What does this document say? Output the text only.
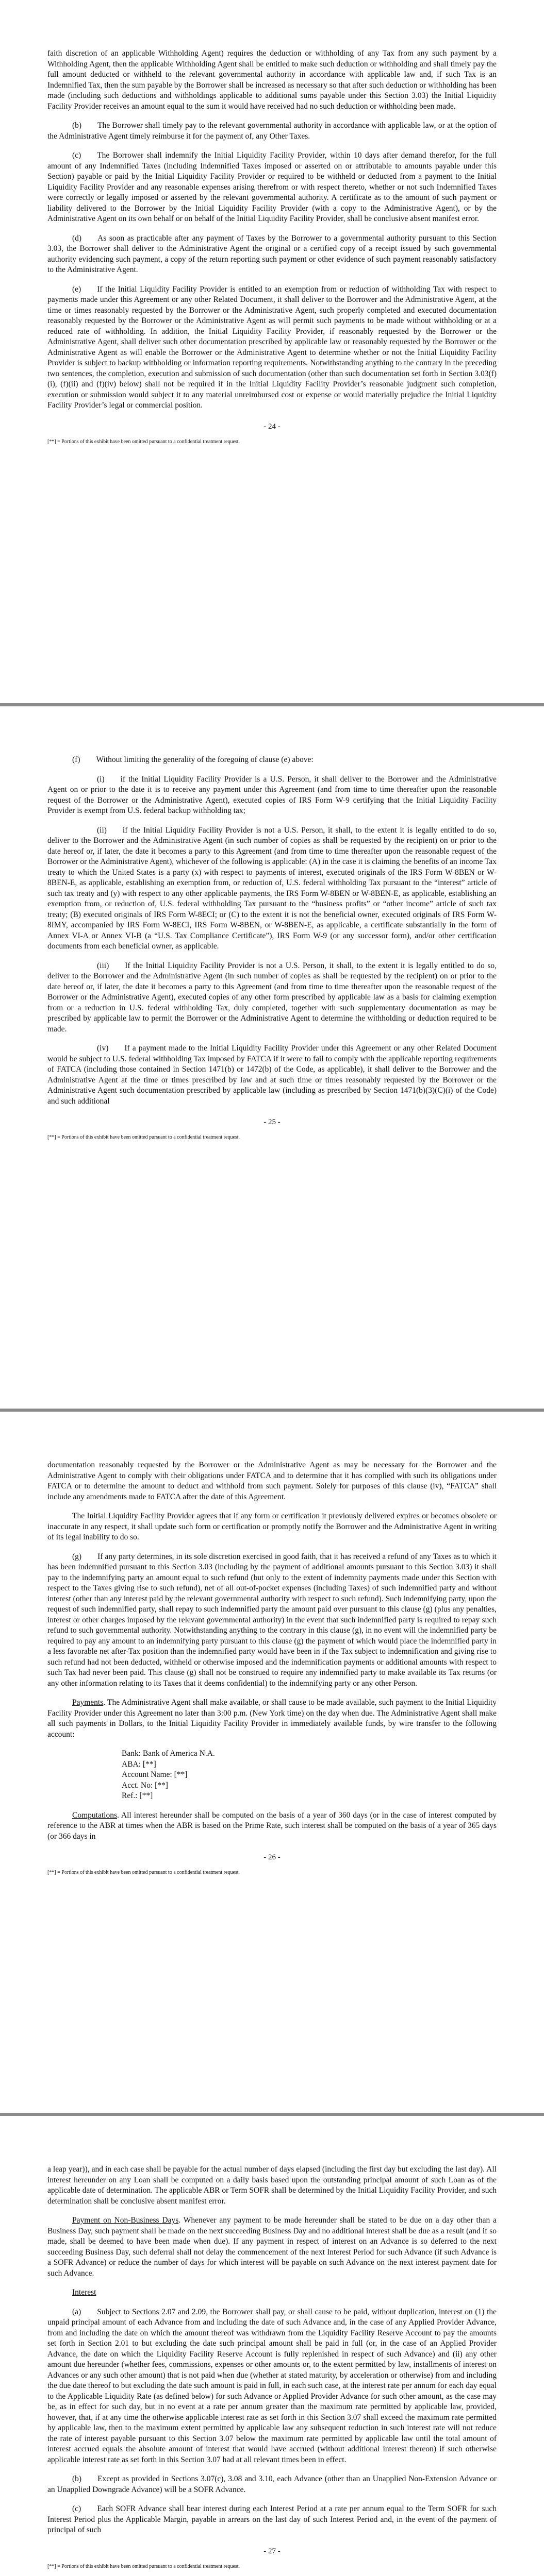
faith discretion of an applicable Withholding Agent) requires the deduction or withholding of any Tax from any such payment by a Withholding Agent, then the applicable Withholding Agent shall be entitled to make such deduction or withholding and shall timely pay the full amount deducted or withheld to the relevant governmental authority in accordance with applicable law and, if such Tax is an Indemnified Tax, then the sum payable by the Borrower shall be increased as necessary so that after such deduction or withholding has been made (including such deductions and withholdings applicable to additional sums payable under this Section 3.03) the Initial Liquidity Facility Provider receives an amount equal to the sum it would have received had no such deduction or withholding been made.

(b)  The Borrower shall timely pay to the relevant governmental authority in accordance with applicable law, or at the option of the Administrative Agent timely reimburse it for the payment of, any Other Taxes.

(c)  The Borrower shall indemnify the Initial Liquidity Facility Provider, within 10 days after demand therefor, for the full amount of any Indemnified Taxes (including Indemnified Taxes imposed or asserted on or attributable to amounts payable under this Section) payable or paid by the Initial Liquidity Facility Provider or required to be withheld or deducted from a payment to the Initial Liquidity Facility Provider and any reasonable expenses arising therefrom or with respect thereto, whether or not such Indemnified Taxes were correctly or legally imposed or asserted by the relevant governmental authority. A certificate as to the amount of such payment or liability delivered to the Borrower by the Initial Liquidity Facility Provider (with a copy to the Administrative Agent), or by the Administrative Agent on its own behalf or on behalf of the Initial Liquidity Facility Provider, shall be conclusive absent manifest error.

(d)  As soon as practicable after any payment of Taxes by the Borrower to a governmental authority pursuant to this Section 3.03, the Borrower shall deliver to the Administrative Agent the original or a certified copy of a receipt issued by such governmental authority evidencing such payment, a copy of the return reporting such payment or other evidence of such payment reasonably satisfactory to the Administrative Agent.

(e)  If the Initial Liquidity Facility Provider is entitled to an exemption from or reduction of withholding Tax with respect to payments made under this Agreement or any other Related Document, it shall deliver to the Borrower and the Administrative Agent, at the time or times reasonably requested by the Borrower or the Administrative Agent, such properly completed and executed documentation reasonably requested by the Borrower or the Administrative Agent as will permit such payments to be made without withholding or at a reduced rate of withholding. In addition, the Initial Liquidity Facility Provider, if reasonably requested by the Borrower or the Administrative Agent, shall deliver such other documentation prescribed by applicable law or reasonably requested by the Borrower or the Administrative Agent as will enable the Borrower or the Administrative Agent to determine whether or not the Initial Liquidity Facility Provider is subject to backup withholding or information reporting requirements. Notwithstanding anything to the contrary in the preceding two sentences, the completion, execution and submission of such documentation (other than such documentation set forth in Section 3.03(f)(i), (f)(ii) and (f)(iv) below) shall not be required if in the Initial Liquidity Facility Provider’s reasonable judgment such completion, execution or submission would subject it to any material unreimbursed cost or expense or would materially prejudice the Initial Liquidity Facility Provider’s legal or commercial position.

- 24 -

[**] = Portions of this exhibit have been omitted pursuant to a confidential treatment request.

(f)  Without limiting the generality of the foregoing of clause (e) above:

(i)  if the Initial Liquidity Facility Provider is a U.S. Person, it shall deliver to the Borrower and the Administrative Agent on or prior to the date it is to receive any payment under this Agreement (and from time to time thereafter upon the reasonable request of the Borrower or the Administrative Agent), executed copies of IRS Form W-9 certifying that the Initial Liquidity Facility Provider is exempt from U.S. federal backup withholding tax;

(ii)  if the Initial Liquidity Facility Provider is not a U.S. Person, it shall, to the extent it is legally entitled to do so, deliver to the Borrower and the Administrative Agent (in such number of copies as shall be requested by the recipient) on or prior to the date hereof or, if later, the date it becomes a party to this Agreement (and from time to time thereafter upon the reasonable request of the Borrower or the Administrative Agent), whichever of the following is applicable: (A) in the case it is claiming the benefits of an income Tax treaty to which the United States is a party (x) with respect to payments of interest, executed originals of the IRS Form W-8BEN or W-8BEN-E, as applicable, establishing an exemption from, or reduction of, U.S. federal withholding Tax pursuant to the “interest” article of such tax treaty and (y) with respect to any other applicable payments, the IRS Form W-8BEN or W-8BEN-E, as applicable, establishing an exemption from, or reduction of, U.S. federal withholding Tax pursuant to the “business profits” or “other income” article of such tax treaty; (B) executed originals of IRS Form W-8ECI; or (C) to the extent it is not the beneficial owner, executed originals of IRS Form W-8IMY, accompanied by IRS Form W-8ECI, IRS Form W-8BEN, or W-8BEN-E, as applicable, a certificate substantially in the form of Annex VI-A or Annex VI-B (a “U.S. Tax Compliance Certificate”), IRS Form W-9 (or any successor form), and/or other certification documents from each beneficial owner, as applicable.

(iii)  If the Initial Liquidity Facility Provider is not a U.S. Person, it shall, to the extent it is legally entitled to do so, deliver to the Borrower and the Administrative Agent (in such number of copies as shall be requested by the recipient) on or prior to the date hereof or, if later, the date it becomes a party to this Agreement (and from time to time thereafter upon the reasonable request of the Borrower or the Administrative Agent), executed copies of any other form prescribed by applicable law as a basis for claiming exemption from or a reduction in U.S. federal withholding Tax, duly completed, together with such supplementary documentation as may be prescribed by applicable law to permit the Borrower or the Administrative Agent to determine the withholding or deduction required to be made.

(iv)  If a payment made to the Initial Liquidity Facility Provider under this Agreement or any other Related Document would be subject to U.S. federal withholding Tax imposed by FATCA if it were to fail to comply with the applicable reporting requirements of FATCA (including those contained in Section 1471(b) or 1472(b) of the Code, as applicable), it shall deliver to the Borrower and the Administrative Agent at the time or times prescribed by law and at such time or times reasonably requested by the Borrower or the Administrative Agent such documentation prescribed by applicable law (including as prescribed by Section 1471(b)(3)(C)(i) of the Code) and such additional

- 25 -

[**] = Portions of this exhibit have been omitted pursuant to a confidential treatment request.

documentation reasonably requested by the Borrower or the Administrative Agent as may be necessary for the Borrower and the Administrative Agent to comply with their obligations under FATCA and to determine that it has complied with such its obligations under FATCA or to determine the amount to deduct and withhold from such payment. Solely for purposes of this clause (iv), “FATCA” shall include any amendments made to FATCA after the date of this Agreement.

The Initial Liquidity Facility Provider agrees that if any form or certification it previously delivered expires or becomes obsolete or inaccurate in any respect, it shall update such form or certification or promptly notify the Borrower and the Administrative Agent in writing of its legal inability to do so.

(g)  If any party determines, in its sole discretion exercised in good faith, that it has received a refund of any Taxes as to which it has been indemnified pursuant to this Section 3.03 (including by the payment of additional amounts pursuant to this Section 3.03) it shall pay to the indemnifying party an amount equal to such refund (but only to the extent of indemnity payments made under this Section with respect to the Taxes giving rise to such refund), net of all out-of-pocket expenses (including Taxes) of such indemnified party and without interest (other than any interest paid by the relevant governmental authority with respect to such refund). Such indemnifying party, upon the request of such indemnified party, shall repay to such indemnified party the amount paid over pursuant to this clause (g) (plus any penalties, interest or other charges imposed by the relevant governmental authority) in the event that such indemnified party is required to repay such refund to such governmental authority. Notwithstanding anything to the contrary in this clause (g), in no event will the indemnified party be required to pay any amount to an indemnifying party pursuant to this clause (g) the payment of which would place the indemnified party in a less favorable net after-Tax position than the indemnified party would have been in if the Tax subject to indemnification and giving rise to such refund had not been deducted, withheld or otherwise imposed and the indemnification payments or additional amounts with respect to such Tax had never been paid. This clause (g) shall not be construed to require any indemnified party to make available its Tax returns (or any other information relating to its Taxes that it deems confidential) to the indemnifying party or any other Person.

Payments. The Administrative Agent shall make available, or shall cause to be made available, such payment to the Initial Liquidity Facility Provider under this Agreement no later than 3:00 p.m. (New York time) on the day when due. The Administrative Agent shall make all such payments in Dollars, to the Initial Liquidity Facility Provider in immediately available funds, by wire transfer to the following account:

Bank: Bank of America N.A.

ABA: [**]

Account Name: [**]

Acct. No: [**]

Ref.: [**]

Computations. All interest hereunder shall be computed on the basis of a year of 360 days (or in the case of interest computed by reference to the ABR at times when the ABR is based on the Prime Rate, such interest shall be computed on the basis of a year of 365 days (or 366 days in

- 26 -

[**] = Portions of this exhibit have been omitted pursuant to a confidential treatment request.

a leap year)), and in each case shall be payable for the actual number of days elapsed (including the first day but excluding the last day). All interest hereunder on any Loan shall be computed on a daily basis based upon the outstanding principal amount of such Loan as of the applicable date of determination. The applicable ABR or Term SOFR shall be determined by the Initial Liquidity Facility Provider, and such determination shall be conclusive absent manifest error.

Payment on Non-Business Days. Whenever any payment to be made hereunder shall be stated to be due on a day other than a Business Day, such payment shall be made on the next succeeding Business Day and no additional interest shall be due as a result (and if so made, shall be deemed to have been made when due). If any payment in respect of interest on an Advance is so deferred to the next succeeding Business Day, such deferral shall not delay the commencement of the next Interest Period for such Advance (if such Advance is a SOFR Advance) or reduce the number of days for which interest will be payable on such Advance on the next interest payment date for such Advance.

Interest

(a)  Subject to Sections 2.07 and 2.09, the Borrower shall pay, or shall cause to be paid, without duplication, interest on (1) the unpaid principal amount of each Advance from and including the date of such Advance and, in the case of any Applied Provider Advance, from and including the date on which the amount thereof was withdrawn from the Liquidity Facility Reserve Account to pay the amounts set forth in Section 2.01 to but excluding the date such principal amount shall be paid in full (or, in the case of an Applied Provider Advance, the date on which the Liquidity Facility Reserve Account is fully replenished in respect of such Advance) and (ii) any other amount due hereunder (whether fees, commissions, expenses or other amounts or, to the extent permitted by law, installments of interest on Advances or any such other amount) that is not paid when due (whether at stated maturity, by acceleration or otherwise) from and including the due date thereof to but excluding the date such amount is paid in full, in each such case, at the interest rate per annum for each day equal to the Applicable Liquidity Rate (as defined below) for such Advance or Applied Provider Advance for such other amount, as the case may be, as in effect for such day, but in no event at a rate per annum greater than the maximum rate permitted by applicable law, provided, however, that, if at any time the otherwise applicable interest rate as set forth in this Section 3.07 shall exceed the maximum rate permitted by applicable law, then to the maximum extent permitted by applicable law any subsequent reduction in such interest rate will not reduce the rate of interest payable pursuant to this Section 3.07 below the maximum rate permitted by applicable law until the total amount of interest accrued equals the absolute amount of interest that would have accrued (without additional interest thereon) if such otherwise applicable interest rate as set forth in this Section 3.07 had at all relevant times been in effect.

(b)  Except as provided in Sections 3.07(c), 3.08 and 3.10, each Advance (other than an Unapplied Non-Extension Advance or an Unapplied Downgrade Advance) will be a SOFR Advance.

(c)  Each SOFR Advance shall bear interest during each Interest Period at a rate per annum equal to the Term SOFR for such Interest Period plus the Applicable Margin, payable in arrears on the last day of such Interest Period and, in the event of the payment of principal of such

- 27 -

[**] = Portions of this exhibit have been omitted pursuant to a confidential treatment request.
